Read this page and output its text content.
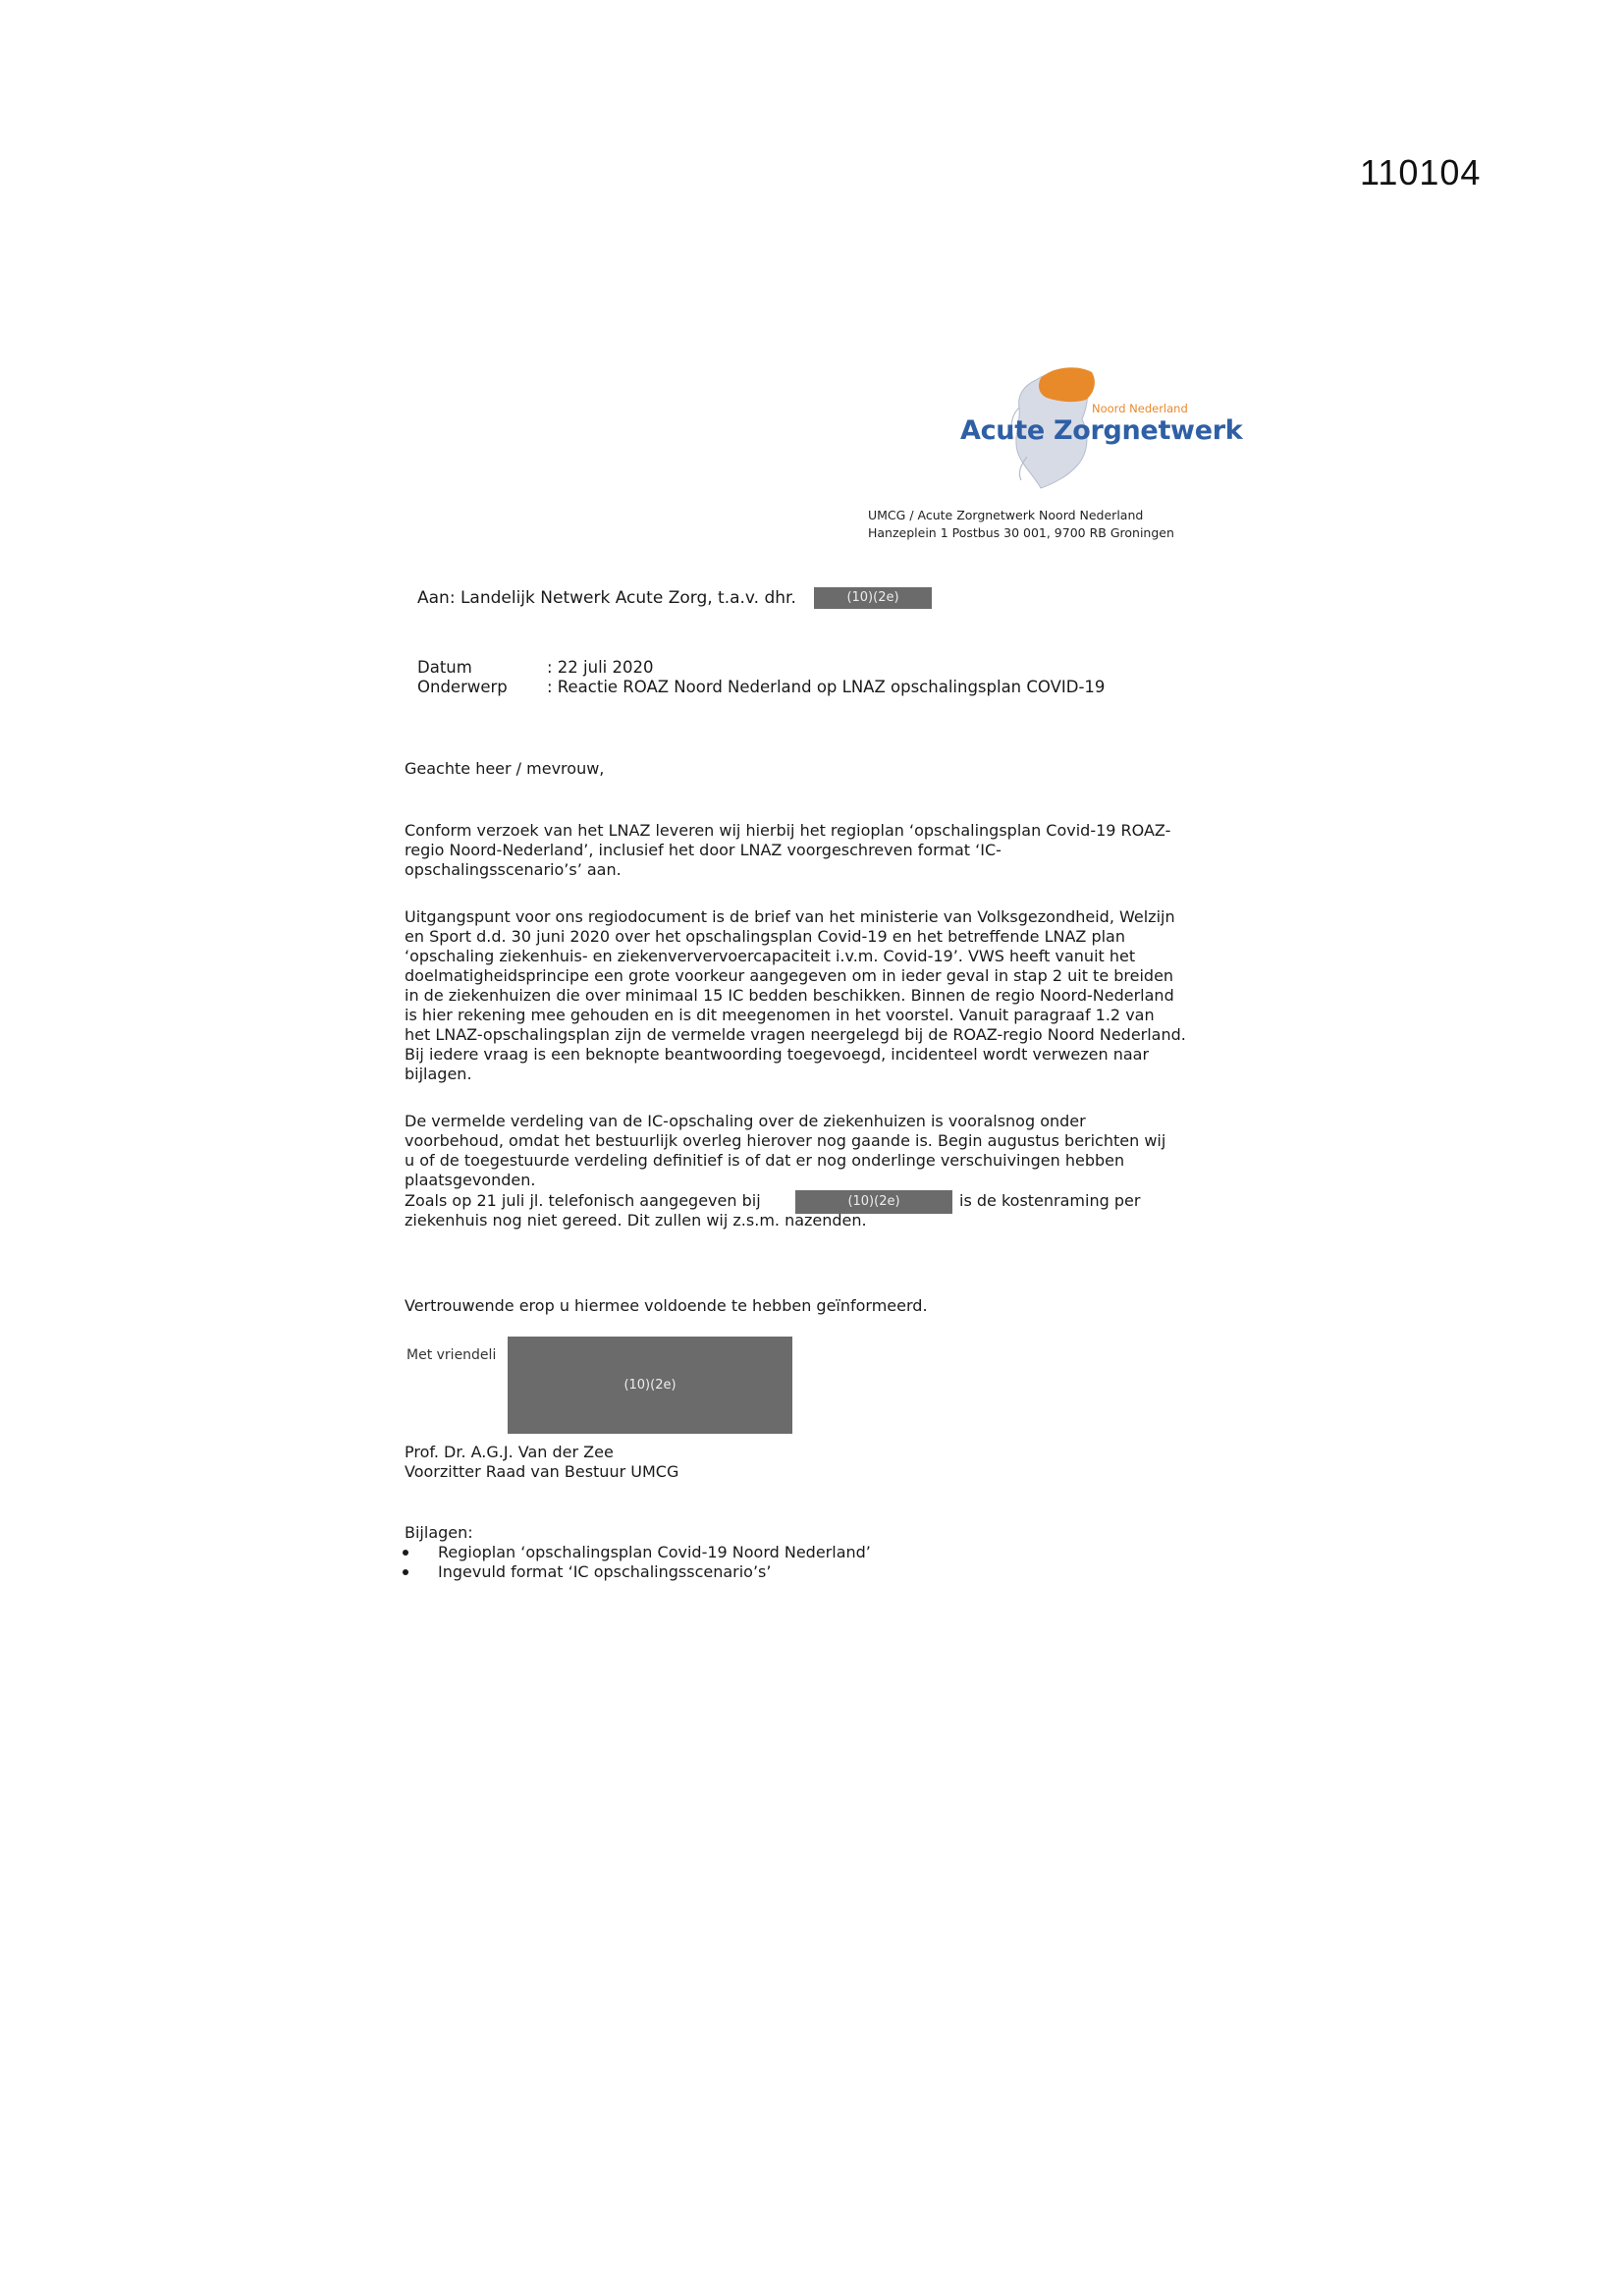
110104
Noord Nederland
Acute Zorgnetwerk
UMCG / Acute Zorgnetwerk Noord Nederland
Hanzeplein 1 Postbus 30 001, 9700 RB Groningen
Aan: Landelijk Netwerk Acute Zorg, t.a.v. dhr.	(10)(2e)
Datum	: 22 juli 2020
Onderwerp : Reactie ROAZ Noord Nederland op LNAZ opschalingsplan COVID-19
Geachte heer / mevrouw,
Conform verzoek van het LNAZ leveren wij hierbij het regioplan ‘opschalingsplan Covid-19 ROAZ-
regio Noord-Nederland’, inclusief het door LNAZ voorgeschreven format ‘IC-
opschalingsscenario’s’ aan.
Uitgangspunt voor ons regiodocument is de brief van het ministerie van Volksgezondheid, Welzijn
en Sport d.d. 30 juni 2020 over het opschalingsplan Covid-19 en het betreffende LNAZ plan
‘opschaling ziekenhuis- en ziekenververvoercapaciteit i.v.m. Covid-19’. VWS heeft vanuit het
doelmatigheidsprincipe een grote voorkeur aangegeven om in ieder geval in stap 2 uit te breiden
in de ziekenhuizen die over minimaal 15 IC bedden beschikken. Binnen de regio Noord-Nederland
is hier rekening mee gehouden en is dit meegenomen in het voorstel. Vanuit paragraaf 1.2 van
het LNAZ-opschalingsplan zijn de vermelde vragen neergelegd bij de ROAZ-regio Noord Nederland.
Bij iedere vraag is een beknopte beantwoording toegevoegd, incidenteel wordt verwezen naar
bijlagen.
De vermelde verdeling van de IC-opschaling over de ziekenhuizen is vooralsnog onder
voorbehoud, omdat het bestuurlijk overleg hierover nog gaande is. Begin augustus berichten wij
u of de toegestuurde verdeling definitief is of dat er nog onderlinge verschuivingen hebben
plaatsgevonden.
Zoals op 21 juli jl. telefonisch aangegeven bij	(10)(2e)	is de kostenraming per
ziekenhuis nog niet gereed. Dit zullen wij z.s.m. nazenden.
Vertrouwende erop u hiermee voldoende te hebben geïnformeerd.
Met vriendeli
(10)(2e)
Prof. Dr. A.G.J. Van der Zee
Voorzitter Raad van Bestuur UMCG
Bijlagen:
Regioplan ‘opschalingsplan Covid-19 Noord Nederland’
Ingevuld format ‘IC opschalingsscenario’s’
